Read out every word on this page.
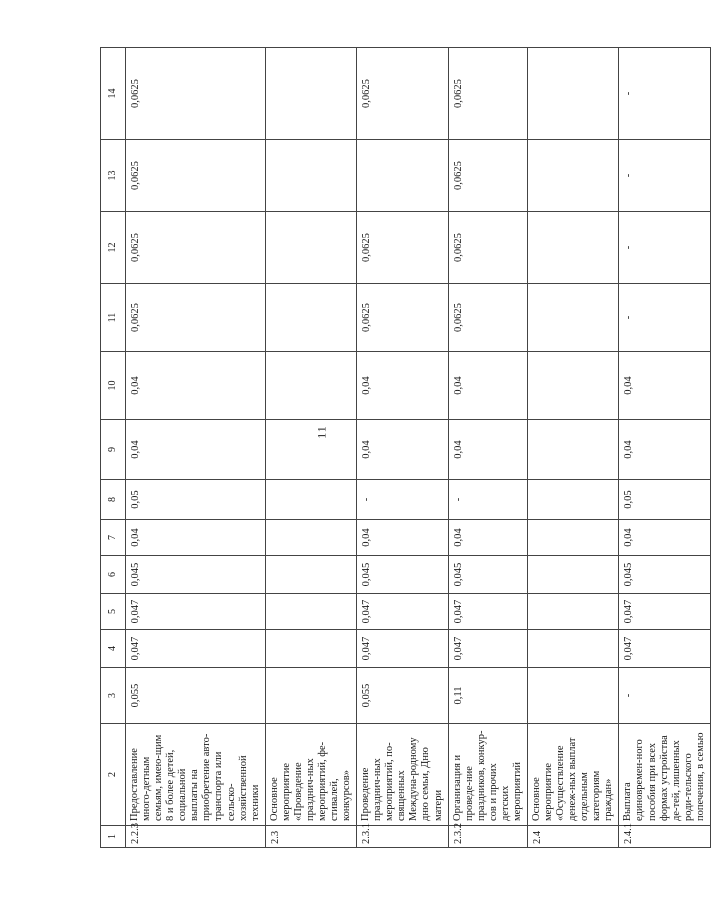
11
1	2	3	4	5	6	7	8	9	10	11	12	13	14
2.2.3	Предоставление много-детным семьям, имею-щим 8 и более детей, социальной выплаты на приобретение авто-транспорта или сельско-хозяйственной техники	0,055	0,047	0,047	0,045	0,04	0,05	0,04	0,04	0,0625	0,0625	0,0625	0,0625
2.3	Основное мероприятие «Проведение празднич-ных мероприятий, фе-стивалей, конкурсов»												
2.3.1	Проведение празднич-ных мероприятий, по-священных Междуна-родному дню семьи, Дню матери	0,055	0,047	0,047	0,045	0,04	-	0,04	0,04	0,0625	0,0625		0,0625
2.3.2	Организация и проведе-ние праздников, конкур-сов и прочих детских мероприятий	0,11	0,047	0,047	0,045	0,04	-	0,04	0,04	0,0625	0,0625	0,0625	0,0625
2.4	Основное мероприятие «Осуществление денеж-ных выплат отдельным категориям граждан»												
2.4.1	Выплата единовремен-ного пособия при всех формах устройства де-тей, лишенных роди-тельского попечения, в семью	-	0,047	0,047	0,045	0,04	0,05	0,04	0,04	-	-	-	-
